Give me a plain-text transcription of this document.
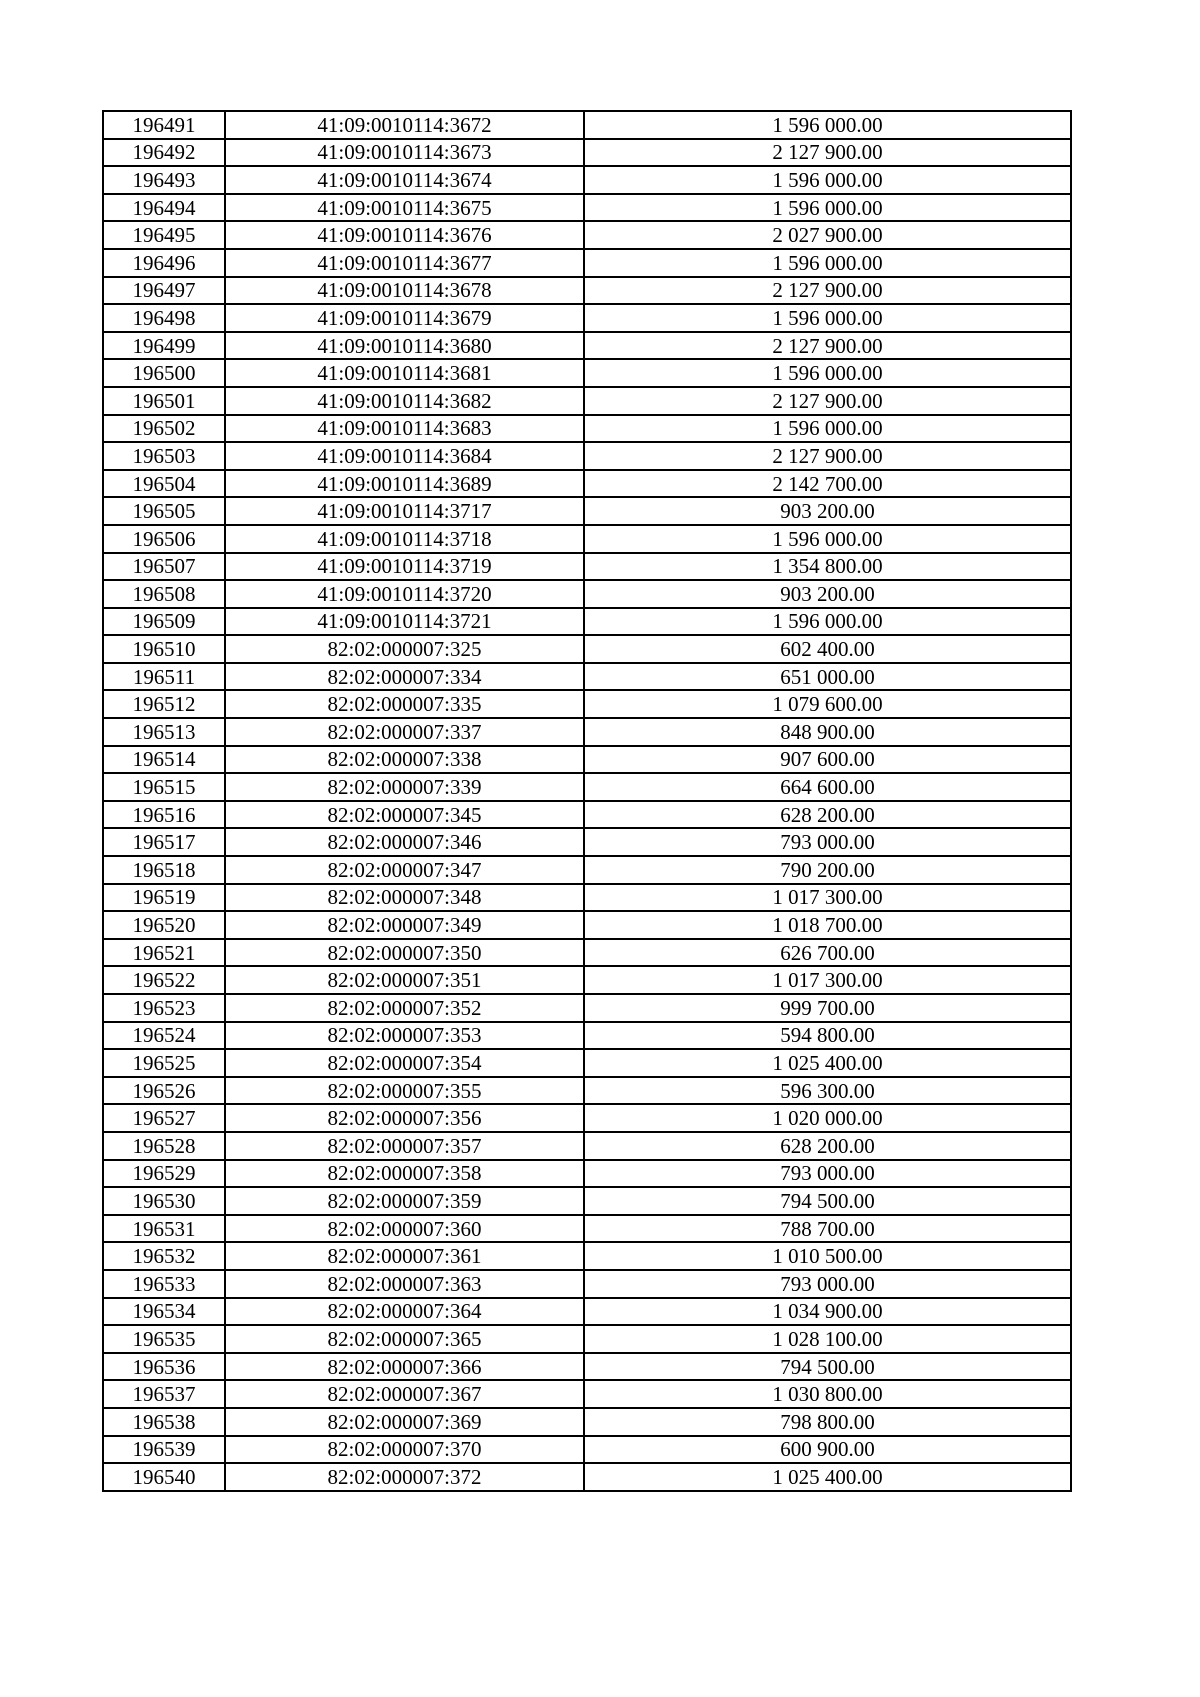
196491	41:09:0010114:3672	1 596 000.00
196492	41:09:0010114:3673	2 127 900.00
196493	41:09:0010114:3674	1 596 000.00
196494	41:09:0010114:3675	1 596 000.00
196495	41:09:0010114:3676	2 027 900.00
196496	41:09:0010114:3677	1 596 000.00
196497	41:09:0010114:3678	2 127 900.00
196498	41:09:0010114:3679	1 596 000.00
196499	41:09:0010114:3680	2 127 900.00
196500	41:09:0010114:3681	1 596 000.00
196501	41:09:0010114:3682	2 127 900.00
196502	41:09:0010114:3683	1 596 000.00
196503	41:09:0010114:3684	2 127 900.00
196504	41:09:0010114:3689	2 142 700.00
196505	41:09:0010114:3717	903 200.00
196506	41:09:0010114:3718	1 596 000.00
196507	41:09:0010114:3719	1 354 800.00
196508	41:09:0010114:3720	903 200.00
196509	41:09:0010114:3721	1 596 000.00
196510	82:02:000007:325	602 400.00
196511	82:02:000007:334	651 000.00
196512	82:02:000007:335	1 079 600.00
196513	82:02:000007:337	848 900.00
196514	82:02:000007:338	907 600.00
196515	82:02:000007:339	664 600.00
196516	82:02:000007:345	628 200.00
196517	82:02:000007:346	793 000.00
196518	82:02:000007:347	790 200.00
196519	82:02:000007:348	1 017 300.00
196520	82:02:000007:349	1 018 700.00
196521	82:02:000007:350	626 700.00
196522	82:02:000007:351	1 017 300.00
196523	82:02:000007:352	999 700.00
196524	82:02:000007:353	594 800.00
196525	82:02:000007:354	1 025 400.00
196526	82:02:000007:355	596 300.00
196527	82:02:000007:356	1 020 000.00
196528	82:02:000007:357	628 200.00
196529	82:02:000007:358	793 000.00
196530	82:02:000007:359	794 500.00
196531	82:02:000007:360	788 700.00
196532	82:02:000007:361	1 010 500.00
196533	82:02:000007:363	793 000.00
196534	82:02:000007:364	1 034 900.00
196535	82:02:000007:365	1 028 100.00
196536	82:02:000007:366	794 500.00
196537	82:02:000007:367	1 030 800.00
196538	82:02:000007:369	798 800.00
196539	82:02:000007:370	600 900.00
196540	82:02:000007:372	1 025 400.00
